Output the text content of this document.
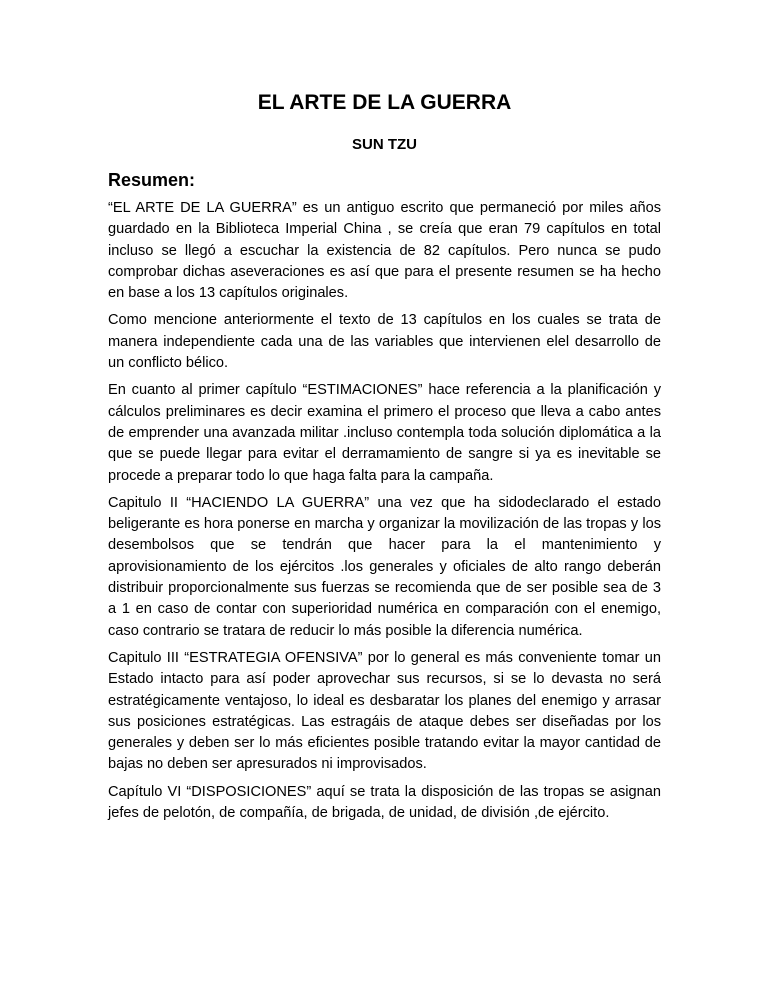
EL ARTE DE LA GUERRA
SUN TZU
Resumen:

“EL ARTE DE LA GUERRA” es un antiguo escrito que permaneció por miles años guardado en la Biblioteca Imperial China , se creía que eran 79 capítulos en total incluso se llegó a escuchar la existencia de 82 capítulos. Pero nunca se pudo comprobar dichas aseveraciones es así que para el presente resumen se ha hecho en base a los 13 capítulos originales.

Como mencione anteriormente el texto de 13 capítulos en los cuales se trata de manera independiente cada una de las variables que intervienen elel desarrollo de un conflicto bélico.

En cuanto al primer capítulo “ESTIMACIONES” hace referencia a la planificación y cálculos preliminares es decir examina el primero el proceso que lleva a cabo antes de emprender una avanzada militar .incluso contempla toda solución diplomática a la que se puede llegar para evitar el derramamiento de sangre si ya es inevitable se procede a preparar todo lo que haga falta para la campaña.

Capitulo II “HACIENDO LA GUERRA” una vez que ha sidodeclarado el estado beligerante es hora ponerse en marcha y organizar la movilización de las tropas y los desembolsos que se tendrán que hacer para la el mantenimiento y aprovisionamiento de los ejércitos .los generales y oficiales de alto rango deberán distribuir proporcionalmente sus fuerzas se recomienda que de ser posible sea de 3 a 1 en caso de contar con superioridad numérica en comparación con el enemigo, caso contrario se tratara de reducir lo más posible la diferencia numérica.

Capitulo III “ESTRATEGIA OFENSIVA” por lo general es más conveniente tomar un Estado intacto para así poder aprovechar sus recursos, si se lo devasta no será estratégicamente ventajoso, lo ideal es desbaratar los planes del enemigo y arrasar sus posiciones estratégicas. Las estragáis de ataque debes ser diseñadas por los generales y deben ser lo más eficientes posible tratando evitar la mayor cantidad de bajas no deben ser apresurados ni improvisados.

Capítulo VI “DISPOSICIONES” aquí se trata la disposición de las tropas se asignan jefes de pelotón, de compañía, de brigada, de unidad, de división ,de ejército.
